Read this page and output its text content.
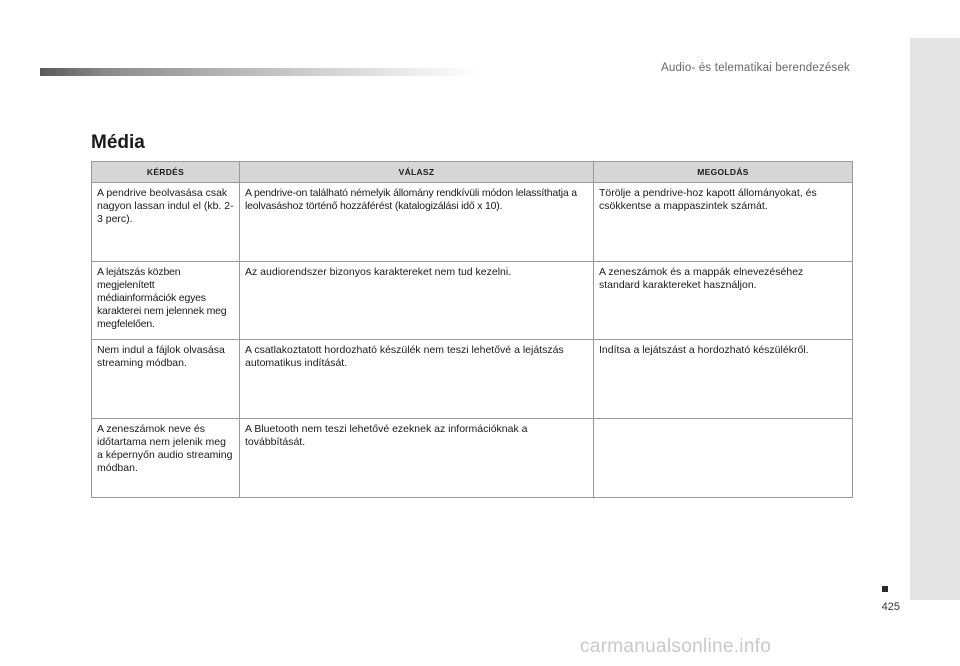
Audio- és telematikai berendezések
425
Média
KÉRDÉS	VÁLASZ	MEGOLDÁS
A pendrive beolvasása csak nagyon lassan indul el (kb. 2-3 perc).	A pendrive-on található némelyik állomány rendkívüli módon lelassíthatja a leolvasáshoz történő hozzáférést (katalogizálási idő x 10).	Törölje a pendrive-hoz kapott állományokat, és csökkentse a mappaszintek számát.
A lejátszás közben megjelenített médiainformációk egyes karakterei nem jelennek meg megfelelően.	Az audiorendszer bizonyos karaktereket nem tud kezelni.	A zeneszámok és a mappák elnevezéséhez standard karaktereket használjon.
Nem indul a fájlok olvasása streaming módban.	A csatlakoztatott hordozható készülék nem teszi lehetővé a lejátszás automatikus indítását.	Indítsa a lejátszást a hordozható készülékről.
A zeneszámok neve és időtartama nem jelenik meg a képernyőn audio streaming módban.	A Bluetooth nem teszi lehetővé ezeknek az információknak a továbbítását.	
carmanualsonline.info
